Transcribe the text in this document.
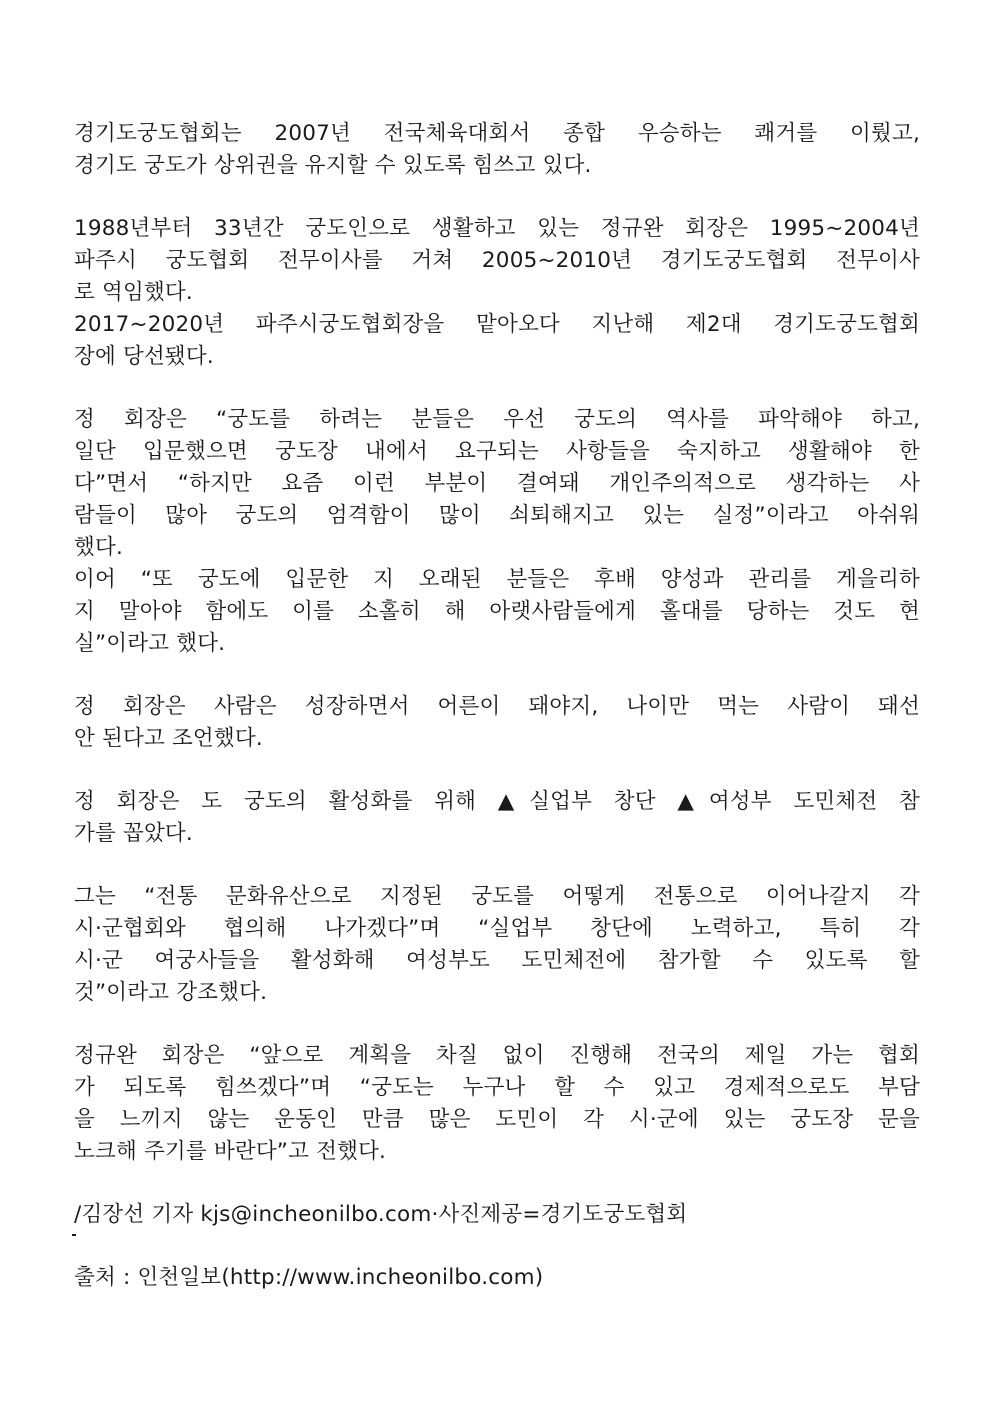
경기도궁도협회는 2007년 전국체육대회서 종합 우승하는 쾌거를 이뤘고,
경기도 궁도가 상위권을 유지할 수 있도록 힘쓰고 있다.

1988년부터 33년간 궁도인으로 생활하고 있는 정규완 회장은 1995~2004년
파주시 궁도협회 전무이사를 거쳐 2005~2010년 경기도궁도협회 전무이사
로 역임했다.
2017~2020년 파주시궁도협회장을 맡아오다 지난해 제2대 경기도궁도협회
장에 당선됐다.

정 회장은 “궁도를 하려는 분들은 우선 궁도의 역사를 파악해야 하고,
일단 입문했으면 궁도장 내에서 요구되는 사항들을 숙지하고 생활해야 한
다”면서 “하지만 요즘 이런 부분이 결여돼 개인주의적으로 생각하는 사
람들이 많아 궁도의 엄격함이 많이 쇠퇴해지고 있는 실정”이라고 아쉬워
했다.
이어 “또 궁도에 입문한 지 오래된 분들은 후배 양성과 관리를 게을리하
지 말아야 함에도 이를 소홀히 해 아랫사람들에게 홀대를 당하는 것도 현
실”이라고 했다.

정 회장은 사람은 성장하면서 어른이 돼야지, 나이만 먹는 사람이 돼선
안 된다고 조언했다.

정 회장은 도 궁도의 활성화를 위해 ▲실업부 창단 ▲여성부 도민체전 참
가를 꼽았다.

그는 “전통 문화유산으로 지정된 궁도를 어떻게 전통으로 이어나갈지 각
시·군협회와 협의해 나가겠다”며 “실업부 창단에 노력하고, 특히 각
시·군 여궁사들을 활성화해 여성부도 도민체전에 참가할 수 있도록 할
것”이라고 강조했다.

정규완 회장은 “앞으로 계획을 차질 없이 진행해 전국의 제일 가는 협회
가 되도록 힘쓰겠다”며 “궁도는 누구나 할 수 있고 경제적으로도 부담
을 느끼지 않는 운동인 만큼 많은 도민이 각 시·군에 있는 궁도장 문을
노크해 주기를 바란다”고 전했다.

/김장선 기자 kjs@incheonilbo.com·사진제공=경기도궁도협회

출처 : 인천일보(http://www.incheonilbo.com)
